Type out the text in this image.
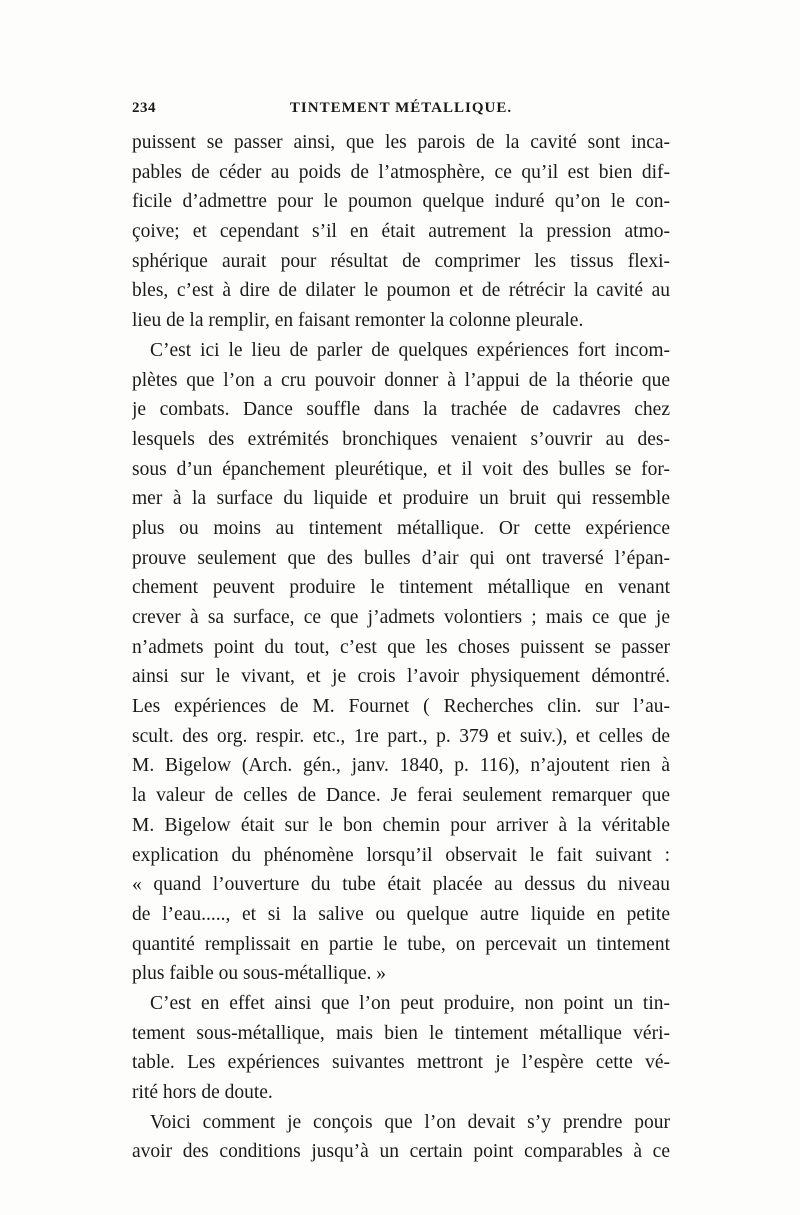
234	TINTEMENT MÉTALLIQUE.
puissent se passer ainsi, que les parois de la cavité sont inca-
pables de céder au poids de l’atmosphère, ce qu’il est bien dif-
ficile d’admettre pour le poumon quelque induré qu’on le con-
çoive; et cependant s’il en était autrement la pression atmo-
sphérique aurait pour résultat de comprimer les tissus flexi-
bles, c’est à dire de dilater le poumon et de rétrécir la cavité au
lieu de la remplir, en faisant remonter la colonne pleurale.
C’est ici le lieu de parler de quelques expériences fort incom-
plètes que l’on a cru pouvoir donner à l’appui de la théorie que
je combats. Dance souffle dans la trachée de cadavres chez
lesquels des extrémités bronchiques venaient s’ouvrir au des-
sous d’un épanchement pleurétique, et il voit des bulles se for-
mer à la surface du liquide et produire un bruit qui ressemble
plus ou moins au tintement métallique. Or cette expérience
prouve seulement que des bulles d’air qui ont traversé l’épan-
chement peuvent produire le tintement métallique en venant
crever à sa surface, ce que j’admets volontiers ; mais ce que je
n’admets point du tout, c’est que les choses puissent se passer
ainsi sur le vivant, et je crois l’avoir physiquement démontré.
Les expériences de M. Fournet ( Recherches clin. sur l’au-
scult. des org. respir. etc., 1re part., p. 379 et suiv.), et celles de
M. Bigelow (Arch. gén., janv. 1840, p. 116), n’ajoutent rien à
la valeur de celles de Dance. Je ferai seulement remarquer que
M. Bigelow était sur le bon chemin pour arriver à la véritable
explication du phénomène lorsqu’il observait le fait suivant :
« quand l’ouverture du tube était placée au dessus du niveau
de l’eau....., et si la salive ou quelque autre liquide en petite
quantité remplissait en partie le tube, on percevait un tintement
plus faible ou sous-métallique. »
C’est en effet ainsi que l’on peut produire, non point un tin-
tement sous-métallique, mais bien le tintement métallique véri-
table. Les expériences suivantes mettront je l’espère cette vé-
rité hors de doute.
Voici comment je conçois que l’on devait s’y prendre pour
avoir des conditions jusqu’à un certain point comparables à ce
